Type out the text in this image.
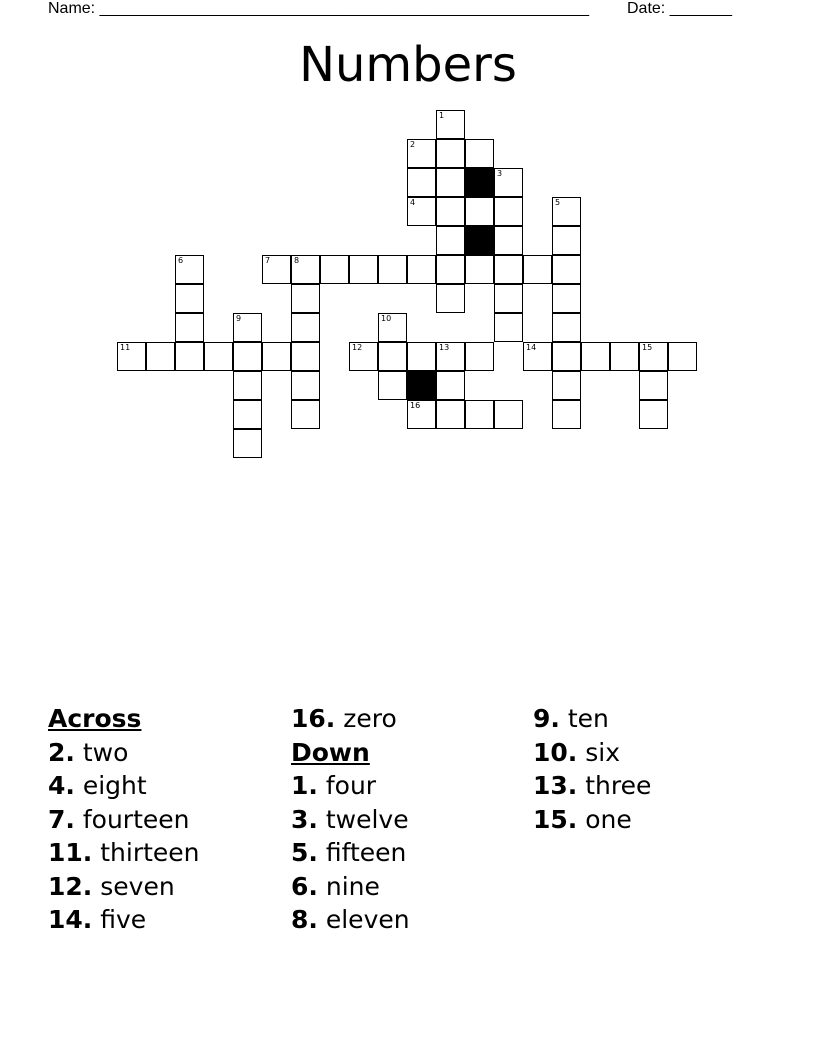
Name: _______________________________________________________ Date: _______
Numbers
1
2
3
4	5
6	7	8
9	10
11	12	13	14	15
16
Across
2. two
4. eight
7. fourteen
11. thirteen
12. seven
14. five
16. zero
Down
1. four
3. twelve
5. fifteen
6. nine
8. eleven
9. ten
10. six
13. three
15. one
